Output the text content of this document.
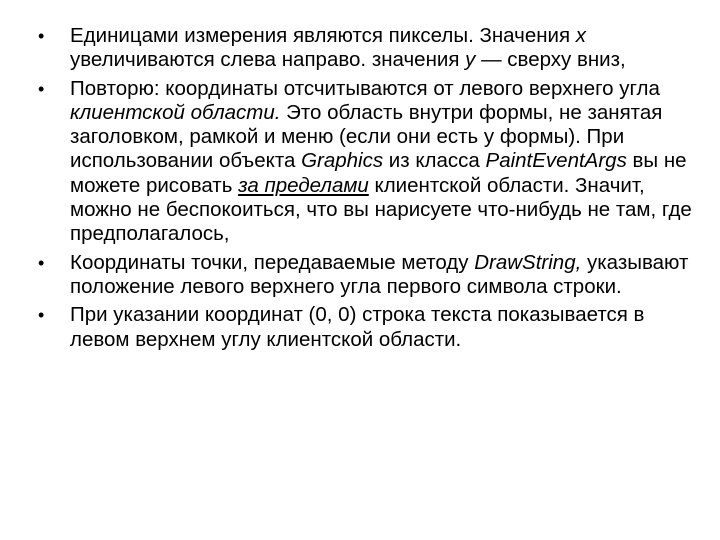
• Единицами измерения являются пикселы. Значения x увеличиваются слева направо. значения y — сверху вниз,
• Повторю: координаты отсчитываются от левого верхнего угла клиентской области. Это область внутри формы, не занятая заголовком, рамкой и меню (если они есть у формы). При использовании объекта Graphics из класса PaintEventArgs вы не можете рисовать за пределами клиентской области. Значит, можно не беспокоиться, что вы нарисуете что-нибудь не там, где предполагалось,
• Координаты точки, передаваемые методу DrawString, указывают положение левого верхнего угла первого символа строки.
• При указании координат (0, 0) строка текста показывается в левом верхнем углу клиентской области.
